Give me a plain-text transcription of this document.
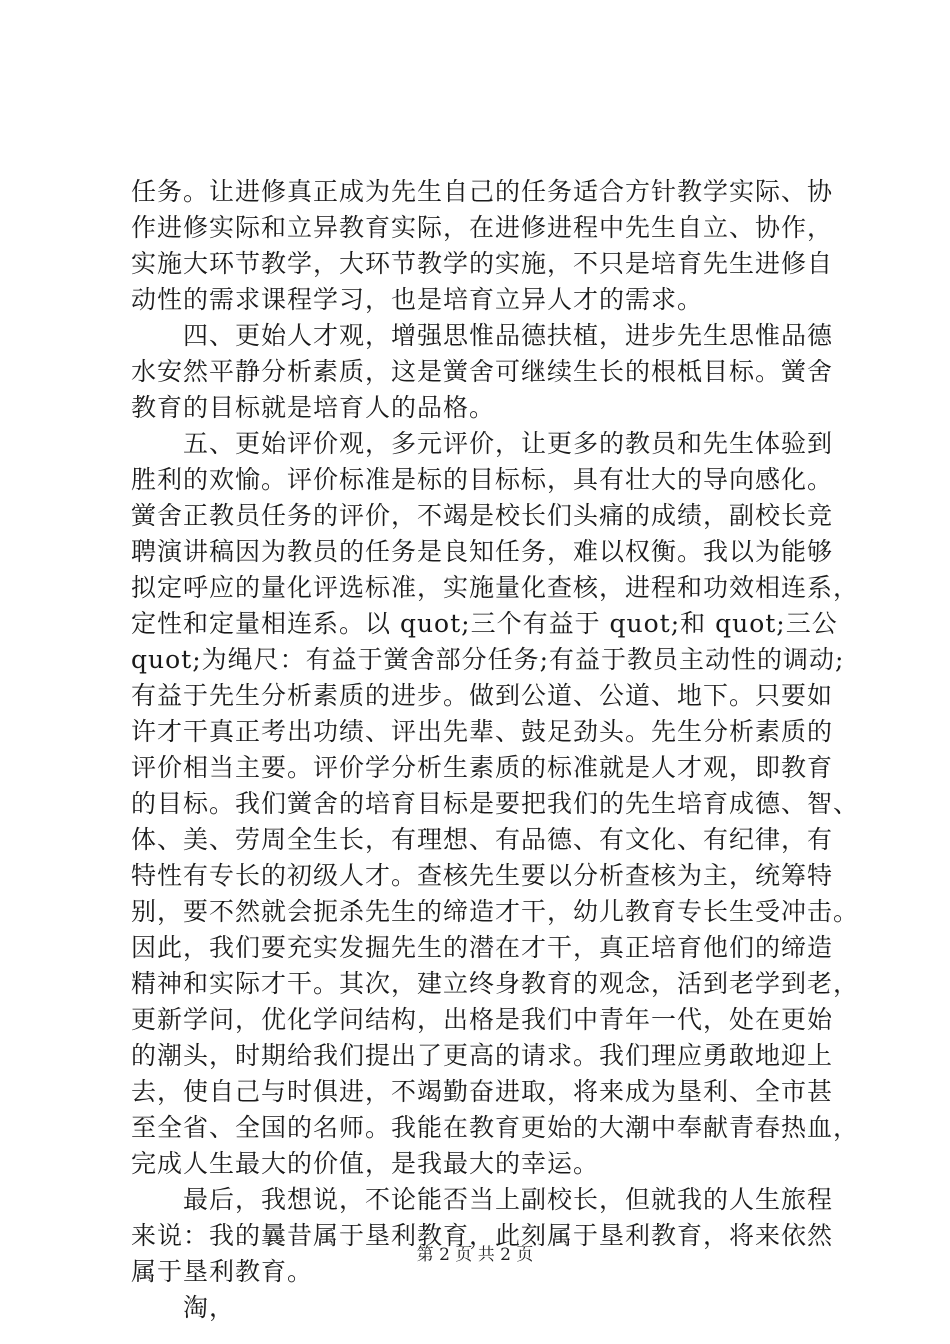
任务。让进修真正成为先生自己的任务适合方针教学实际、协
作进修实际和立异教育实际，在进修进程中先生自立、协作，
实施大环节教学，大环节教学的实施，不只是培育先生进修自
动性的需求课程学习，也是培育立异人才的需求。
　　四、更始人才观，增强思惟品德扶植，进步先生思惟品德
水安然平静分析素质，这是黉舍可继续生长的根柢目标。黉舍
教育的目标就是培育人的品格。
　　五、更始评价观，多元评价，让更多的教员和先生体验到
胜利的欢愉。评价标准是标的目标标，具有壮大的导向感化。
黉舍正教员任务的评价，不竭是校长们头痛的成绩，副校长竞
聘演讲稿因为教员的任务是良知任务，难以权衡。我以为能够
拟定呼应的量化评选标准，实施量化查核，进程和功效相连系，
定性和定量相连系。以 quot;三个有益于 quot;和 quot;三公
quot;为绳尺：有益于黉舍部分任务;有益于教员主动性的调动;
有益于先生分析素质的进步。做到公道、公道、地下。只要如
许才干真正考出功绩、评出先辈、鼓足劲头。先生分析素质的
评价相当主要。评价学分析生素质的标准就是人才观，即教育
的目标。我们黉舍的培育目标是要把我们的先生培育成德、智、
体、美、劳周全生长，有理想、有品德、有文化、有纪律，有
特性有专长的初级人才。查核先生要以分析查核为主，统筹特
别，要不然就会扼杀先生的缔造才干，幼儿教育专长生受冲击。
因此，我们要充实发掘先生的潜在才干，真正培育他们的缔造
精神和实际才干。其次，建立终身教育的观念，活到老学到老，
更新学问，优化学问结构，出格是我们中青年一代，处在更始
的潮头，时期给我们提出了更高的请求。我们理应勇敢地迎上
去，使自己与时俱进，不竭勤奋进取，将来成为垦利、全市甚
至全省、全国的名师。我能在教育更始的大潮中奉献青春热血，
完成人生最大的价值，是我最大的幸运。
　　最后，我想说，不论能否当上副校长，但就我的人生旅程
来说：我的曩昔属于垦利教育，此刻属于垦利教育，将来依然
属于垦利教育。
　　淘，
第 2 页 共 2 页
